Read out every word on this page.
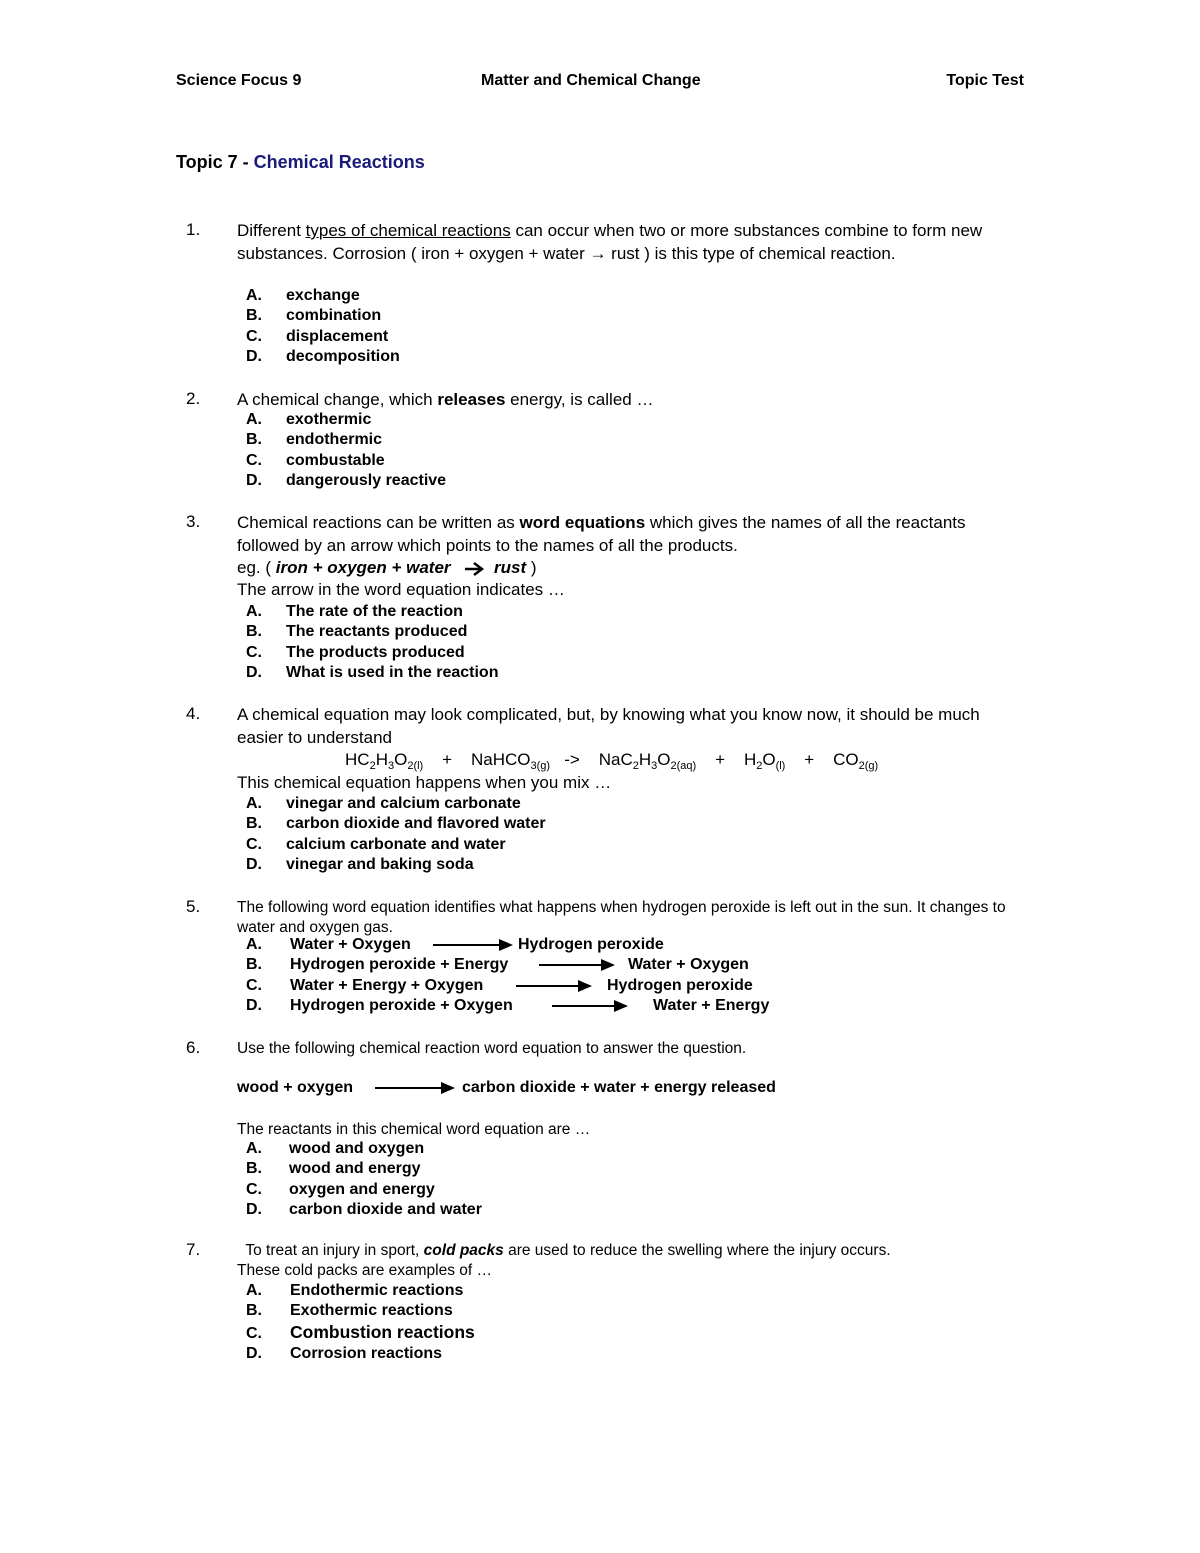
Science Focus 9	Matter and Chemical Change	Topic Test
Topic 7 - Chemical Reactions
1. Different types of chemical reactions can occur when two or more substances combine to form new substances. Corrosion ( iron + oxygen + water → rust ) is this type of chemical reaction.
A. exchange
B. combination
C. displacement
D. decomposition
2. A chemical change, which releases energy, is called …
A. exothermic
B. endothermic
C. combustable
D. dangerously reactive
3. Chemical reactions can be written as word equations which gives the names of all the reactants followed by an arrow which points to the names of all the products.
eg. ( iron + oxygen + water	rust )
The arrow in the word equation indicates …
A. The rate of the reaction
B. The reactants produced
C. The products produced
D. What is used in the reaction
4. A chemical equation may look complicated, but, by knowing what you know now, it should be much easier to understand
$HC_2H_3O_{2(l)}$ + NaHCO$_{3(g)}$ -> $NaC_2H_3O_{2(aq)} + H_2O_{(l)} + CO_{2(g)}$
This chemical equation happens when you mix …
A. vinegar and calcium carbonate
B. carbon dioxide and flavored water
C. calcium carbonate and water
D. vinegar and baking soda
5. The following word equation identifies what happens when hydrogen peroxide is left out in the sun. It changes to water and oxygen gas.
A. Water + Oxygen	Hydrogen peroxide
B. Hydrogen peroxide + Energy	Water + Oxygen
C. Water + Energy + Oxygen	Hydrogen peroxide
D. Hydrogen peroxide + Oxygen	Water + Energy
6. Use the following chemical reaction word equation to answer the question.
wood + oxygen	carbon dioxide + water + energy released
The reactants in this chemical word equation are …
A. wood and oxygen
B. wood and energy
C. oxygen and energy
D. carbon dioxide and water
7. To treat an injury in sport, cold packs are used to reduce the swelling where the injury occurs.
These cold packs are examples of …
A. Endothermic reactions
B. Exothermic reactions
C. Combustion reactions
D. Corrosion reactions
